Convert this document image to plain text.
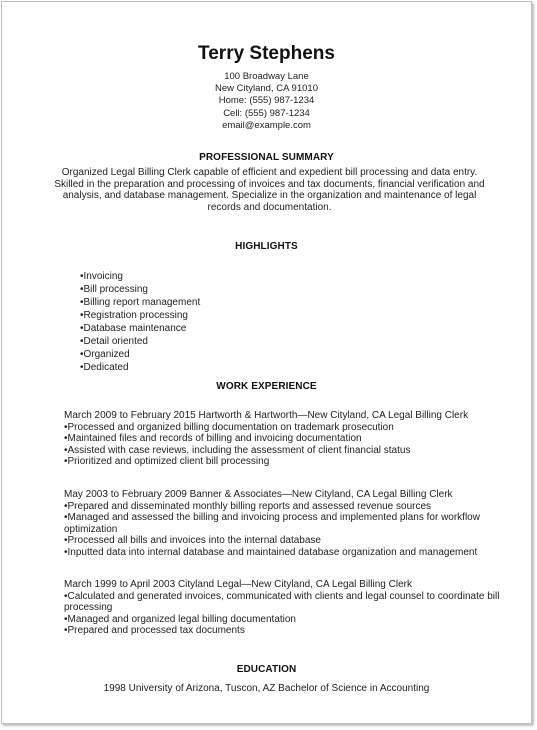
Terry Stephens
100 Broadway Lane
New Cityland, CA 91010
Home: (555) 987-1234
Cell: (555) 987-1234
email@example.com
PROFESSIONAL SUMMARY
Organized Legal Billing Clerk capable of efficient and expedient bill processing and data entry. Skilled in the preparation and processing of invoices and tax documents, financial verification and analysis, and database management. Specialize in the organization and maintenance of legal records and documentation.
HIGHLIGHTS
•Invoicing
•Bill processing
•Billing report management
•Registration processing
•Database maintenance
•Detail oriented
•Organized
•Dedicated
WORK EXPERIENCE
March 2009 to February 2015 Hartworth & Hartworth—New Cityland, CA Legal Billing Clerk
•Processed and organized billing documentation on trademark prosecution
•Maintained files and records of billing and invoicing documentation
•Assisted with case reviews, including the assessment of client financial status
•Prioritized and optimized client bill processing
May 2003 to February 2009 Banner & Associates—New Cityland, CA Legal Billing Clerk
•Prepared and disseminated monthly billing reports and assessed revenue sources
•Managed and assessed the billing and invoicing process and implemented plans for workflow optimization
•Processed all bills and invoices into the internal database
•Inputted data into internal database and maintained database organization and management
March 1999 to April 2003 Cityland Legal—New Cityland, CA Legal Billing Clerk
•Calculated and generated invoices, communicated with clients and legal counsel to coordinate bill processing
•Managed and organized legal billing documentation
•Prepared and processed tax documents
EDUCATION
1998 University of Arizona, Tuscon, AZ Bachelor of Science in Accounting
